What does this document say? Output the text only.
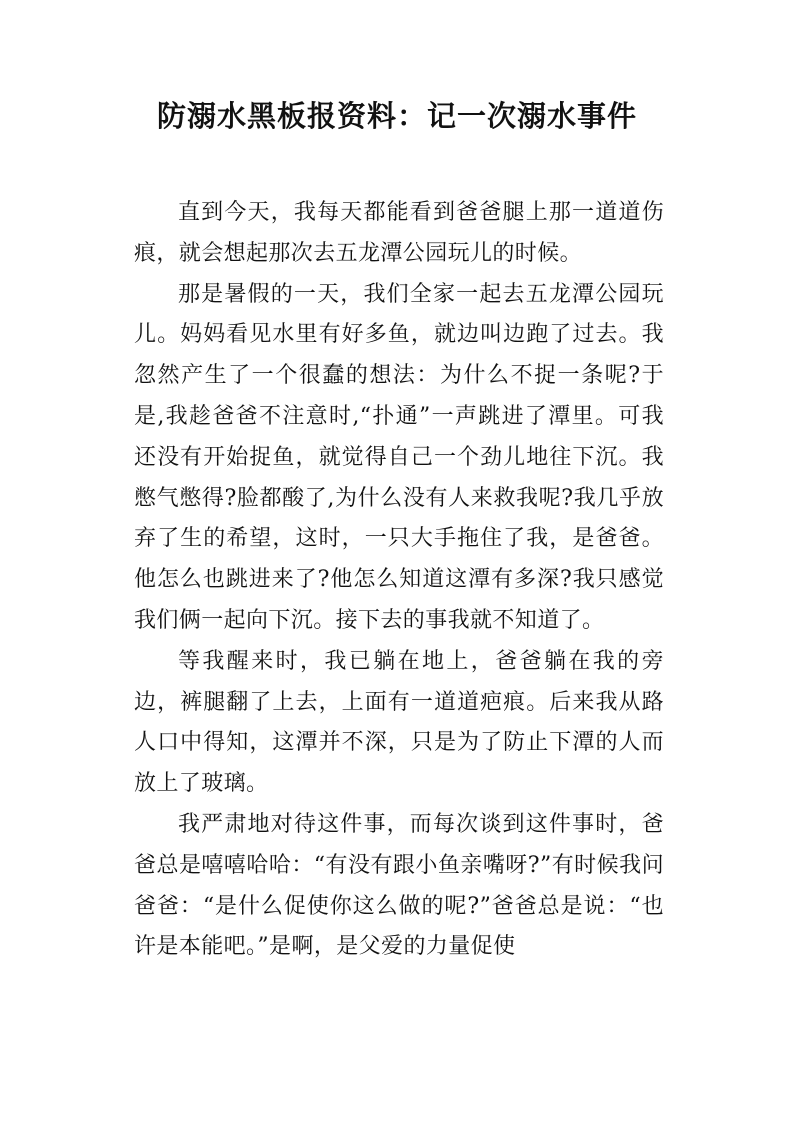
防溺水黑板报资料：记一次溺水事件

直到今天，我每天都能看到爸爸腿上那一道道伤痕，就会想起那次去五龙潭公园玩儿的时候。

那是暑假的一天，我们全家一起去五龙潭公园玩儿。妈妈看见水里有好多鱼，就边叫边跑了过去。我忽然产生了一个很蠢的想法：为什么不捉一条呢?于是,我趁爸爸不注意时,“扑通”一声跳进了潭里。可我还没有开始捉鱼，就觉得自己一个劲儿地往下沉。我憋气憋得?脸都酸了,为什么没有人来救我呢?我几乎放弃了生的希望，这时，一只大手拖住了我，是爸爸。他怎么也跳进来了?他怎么知道这潭有多深?我只感觉我们俩一起向下沉。接下去的事我就不知道了。

等我醒来时，我已躺在地上，爸爸躺在我的旁边，裤腿翻了上去，上面有一道道疤痕。后来我从路人口中得知，这潭并不深，只是为了防止下潭的人而放上了玻璃。

我严肃地对待这件事，而每次谈到这件事时，爸爸总是嘻嘻哈哈：“有没有跟小鱼亲嘴呀?”有时候我问爸爸：“是什么促使你这么做的呢?”爸爸总是说：“也许是本能吧。”是啊，是父爱的力量促使
